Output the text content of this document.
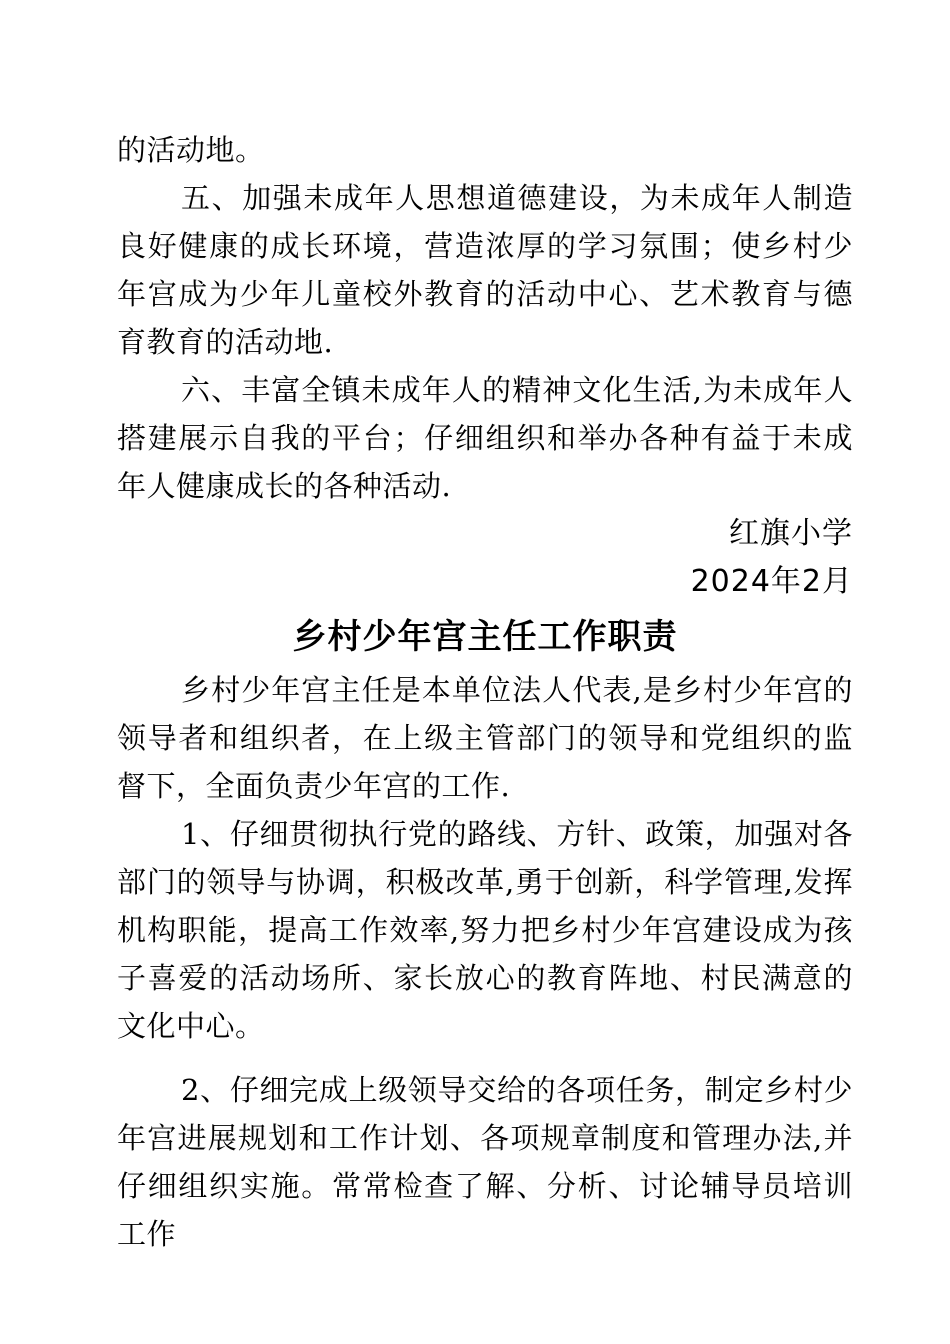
的活动地。

五、加强未成年人思想道德建设，为未成年人制造良好健康的成长环境，营造浓厚的学习氛围；使乡村少年宫成为少年儿童校外教育的活动中心、艺术教育与德育教育的活动地.

六、丰富全镇未成年人的精神文化生活,为未成年人搭建展示自我的平台；仔细组织和举办各种有益于未成年人健康成长的各种活动.

红旗小学

2024年2月

乡村少年宫主任工作职责

乡村少年宫主任是本单位法人代表,是乡村少年宫的领导者和组织者，在上级主管部门的领导和党组织的监督下，全面负责少年宫的工作.

1、仔细贯彻执行党的路线、方针、政策，加强对各部门的领导与协调，积极改革,勇于创新，科学管理,发挥机构职能，提高工作效率,努力把乡村少年宫建设成为孩子喜爱的活动场所、家长放心的教育阵地、村民满意的文化中心。

2、仔细完成上级领导交给的各项任务，制定乡村少年宫进展规划和工作计划、各项规章制度和管理办法,并仔细组织实施。常常检查了解、分析、讨论辅导员培训工作
